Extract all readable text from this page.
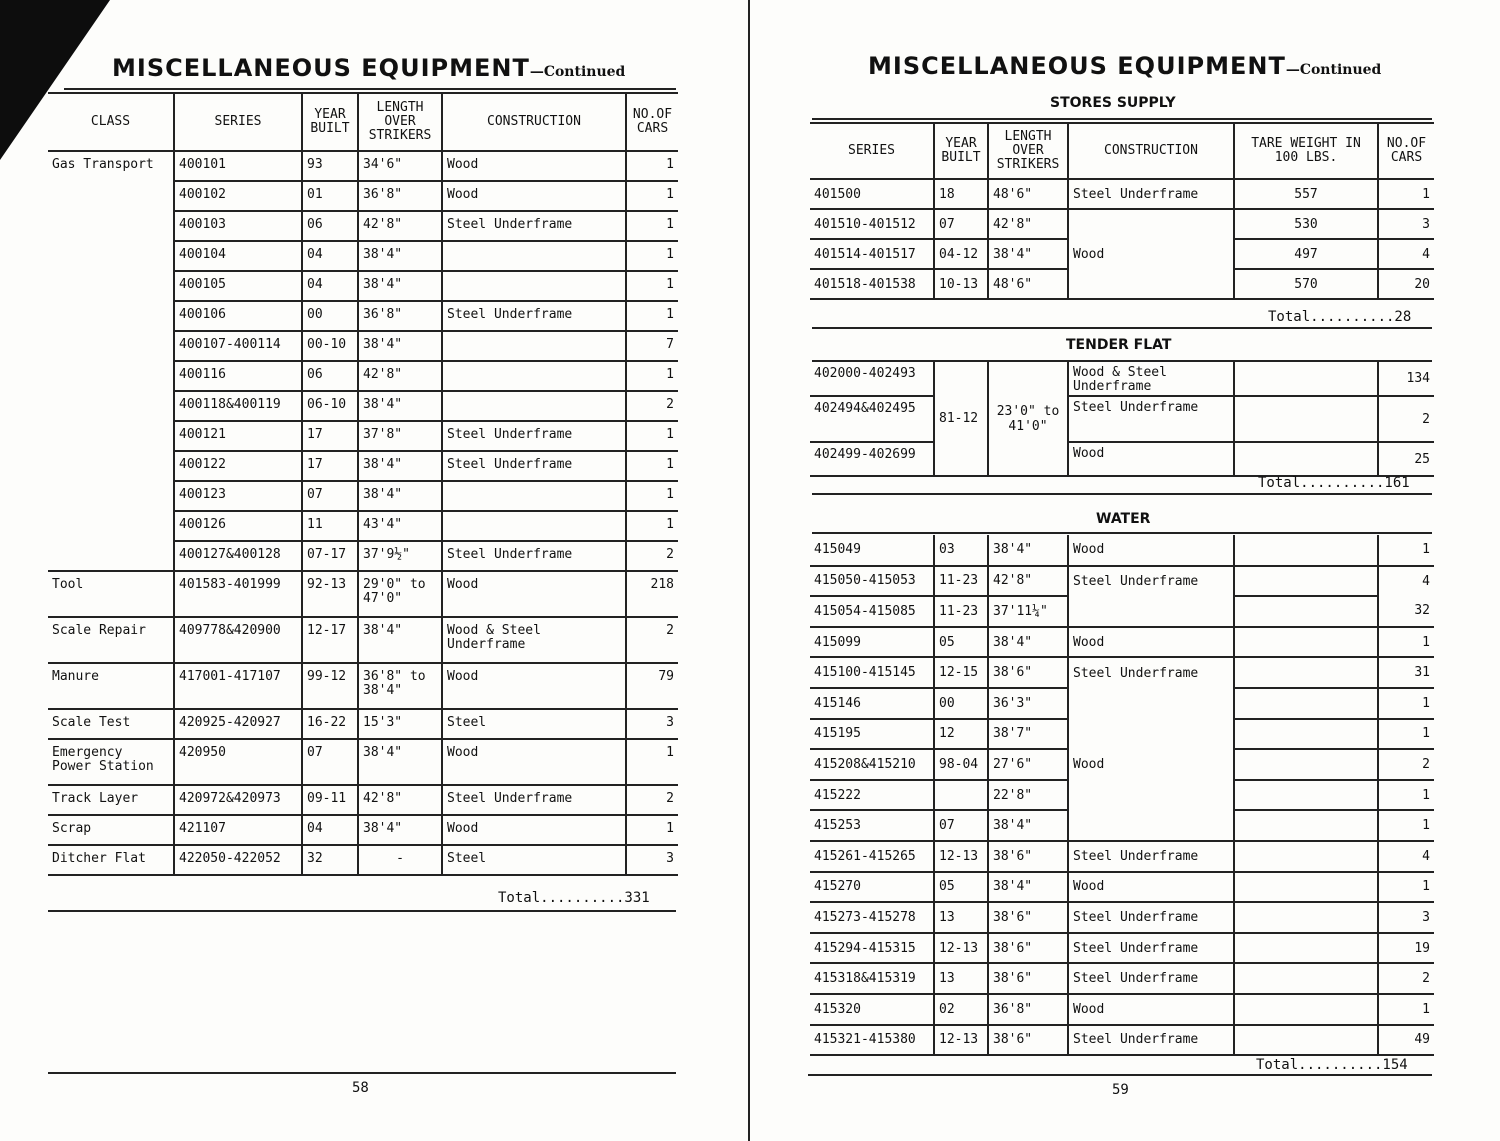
MISCELLANEOUS EQUIPMENT—Continued
CLASS	SERIES	YEAR BUILT	LENGTH OVER STRIKERS	CONSTRUCTION	NO.OF CARS
Gas Transport	400101	93	34'6"	Wood	1
	400102	01	36'8"	Wood	1
	400103	06	42'8"	Steel Underframe	1
	400104	04	38'4"		1
	400105	04	38'4"		1
	400106	00	36'8"	Steel Underframe	1
	400107-400114	00-10	38'4"		7
	400116	06	42'8"		1
	400118&400119	06-10	38'4"		2
	400121	17	37'8"	Steel Underframe	1
	400122	17	38'4"	Steel Underframe	1
	400123	07	38'4"		1
	400126	11	43'4"		1
	400127&400128	07-17	37'9½"	Steel Underframe	2
Tool	401583-401999	92-13	29'0" to 47'0"	Wood	218
Scale Repair	409778&420900	12-17	38'4"	Wood & Steel Underframe	2
Manure	417001-417107	99-12	36'8" to 38'4"	Wood	79
Scale Test	420925-420927	16-22	15'3"	Steel	3
Emergency Power Station	420950	07	38'4"	Wood	1
Track Layer	420972&420973	09-11	42'8"	Steel Underframe	2
Scrap	421107	04	38'4"	Wood	1
Ditcher Flat	422050-422052	32	-	Steel	3
Total..........331
58
MISCELLANEOUS EQUIPMENT—Continued
STORES SUPPLY
SERIES	YEAR BUILT	LENGTH OVER STRIKERS	CONSTRUCTION	TARE WEIGHT IN 100 LBS.	NO.OF CARS
401500	18	48'6"	Steel Underframe	557	1
401510-401512	07	42'8"		530	3
401514-401517	04-12	38'4"	Wood	497	4
401518-401538	10-13	48'6"		570	20
Total..........28
TENDER FLAT
402000-402493	81-12	23'0" to 41'0"	Wood & Steel Underframe		134
402494&402495			Steel Underframe		2
402499-402699			Wood		25
Total..........161
WATER
415049	03	38'4"	Wood		1
415050-415053	11-23	42'8"	Steel Underframe		4
415054-415085	11-23	37'11¼"			32
415099	05	38'4"	Wood		1
415100-415145	12-15	38'6"	Steel Underframe		31
415146	00	36'3"			1
415195	12	38'7"			1
415208&415210	98-04	27'6"	Wood		2
415222		22'8"			1
415253	07	38'4"			1
415261-415265	12-13	38'6"	Steel Underframe		4
415270	05	38'4"	Wood		1
415273-415278	13	38'6"	Steel Underframe		3
415294-415315	12-13	38'6"	Steel Underframe		19
415318&415319	13	38'6"	Steel Underframe		2
415320	02	36'8"	Wood		1
415321-415380	12-13	38'6"	Steel Underframe		49
Total..........154
59
